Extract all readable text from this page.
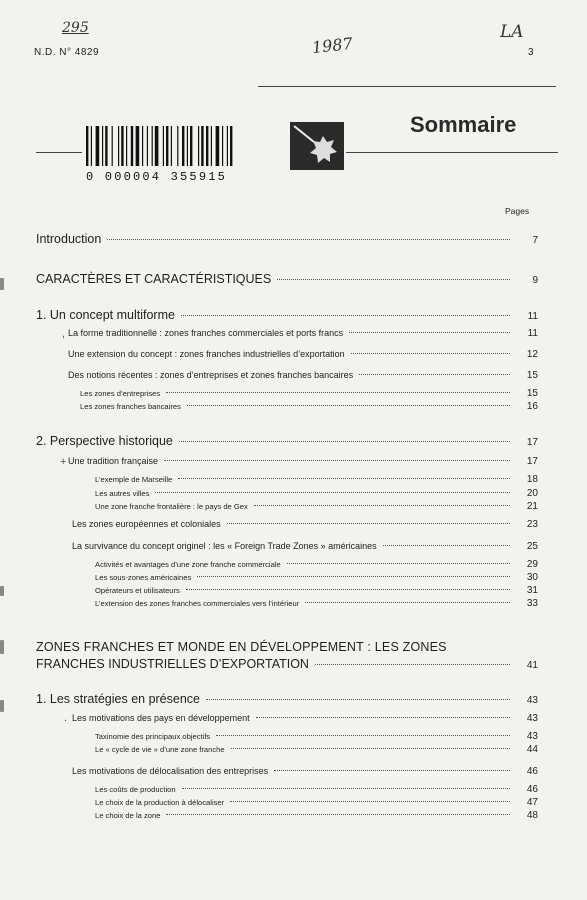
295
1987
LA
N.D. N° 4829	3
Sommaire
0 000004 355915
Pages
Introduction	7
CARACTÈRES ET CARACTÉRISTIQUES	9
1. Un concept multiforme	11
, La forme traditionnelle : zones franches commerciales et ports francs	11
Une extension du concept : zones franches industrielles d’exportation	12
Des notions récentes : zones d’entreprises et zones franches bancaires	15
Les zones d’entreprises	15
Les zones franches bancaires	16
2. Perspective historique	17
+ Une tradition française	17
L’exemple de Marseille	18
Les autres villes	20
Une zone franche frontalière : le pays de Gex	21
Les zones européennes et coloniales	23
La survivance du concept originel : les « Foreign Trade Zones » américaines	25
Activités et avantages d’une zone franche commerciale	29
Les sous-zones américaines	30
Opérateurs et utilisateurs	31
L’extension des zones franches commerciales vers l’intérieur	33
ZONES FRANCHES ET MONDE EN DÉVELOPPEMENT : LES ZONES
FRANCHES INDUSTRIELLES D’EXPORTATION	41
1. Les stratégies en présence	43
. Les motivations des pays en développement	43
Taxinomie des principaux objectifs	43
Le « cycle de vie » d’une zone franche	44
Les motivations de délocalisation des entreprises	46
Les coûts de production	46
Le choix de la production à délocaliser	47
Le choix de la zone	48
